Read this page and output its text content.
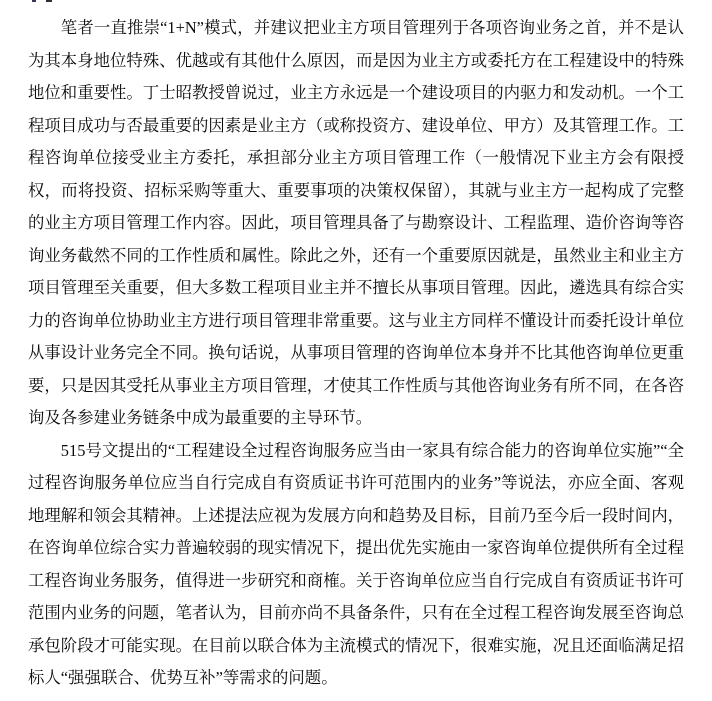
笔者一直推崇“1+N”模式，并建议把业主方项目管理列于各项咨询业务之首，并不是认为其本身地位特殊、优越或有其他什么原因，而是因为业主方或委托方在工程建设中的特殊地位和重要性。丁士昭教授曾说过，业主方永远是一个建设项目的内驱力和发动机。一个工程项目成功与否最重要的因素是业主方（或称投资方、建设单位、甲方）及其管理工作。工程咨询单位接受业主方委托，承担部分业主方项目管理工作（一般情况下业主方会有限授权，而将投资、招标采购等重大、重要事项的决策权保留），其就与业主方一起构成了完整的业主方项目管理工作内容。因此，项目管理具备了与勘察设计、工程监理、造价咨询等咨询业务截然不同的工作性质和属性。除此之外，还有一个重要原因就是，虽然业主和业主方项目管理至关重要，但大多数工程项目业主并不擅长从事项目管理。因此，遴选具有综合实力的咨询单位协助业主方进行项目管理非常重要。这与业主方同样不懂设计而委托设计单位从事设计业务完全不同。换句话说，从事项目管理的咨询单位本身并不比其他咨询单位更重要，只是因其受托从事业主方项目管理，才使其工作性质与其他咨询业务有所不同，在各咨询及各参建业务链条中成为最重要的主导环节。

515号文提出的“工程建设全过程咨询服务应当由一家具有综合能力的咨询单位实施”“全过程咨询服务单位应当自行完成自有资质证书许可范围内的业务”等说法，亦应全面、客观地理解和领会其精神。上述提法应视为发展方向和趋势及目标，目前乃至今后一段时间内，在咨询单位综合实力普遍较弱的现实情况下，提出优先实施由一家咨询单位提供所有全过程工程咨询业务服务，值得进一步研究和商榷。关于咨询单位应当自行完成自有资质证书许可范围内业务的问题，笔者认为，目前亦尚不具备条件，只有在全过程工程咨询发展至咨询总承包阶段才可能实现。在目前以联合体为主流模式的情况下，很难实施，况且还面临满足招标人“强强联合、优势互补”等需求的问题。
